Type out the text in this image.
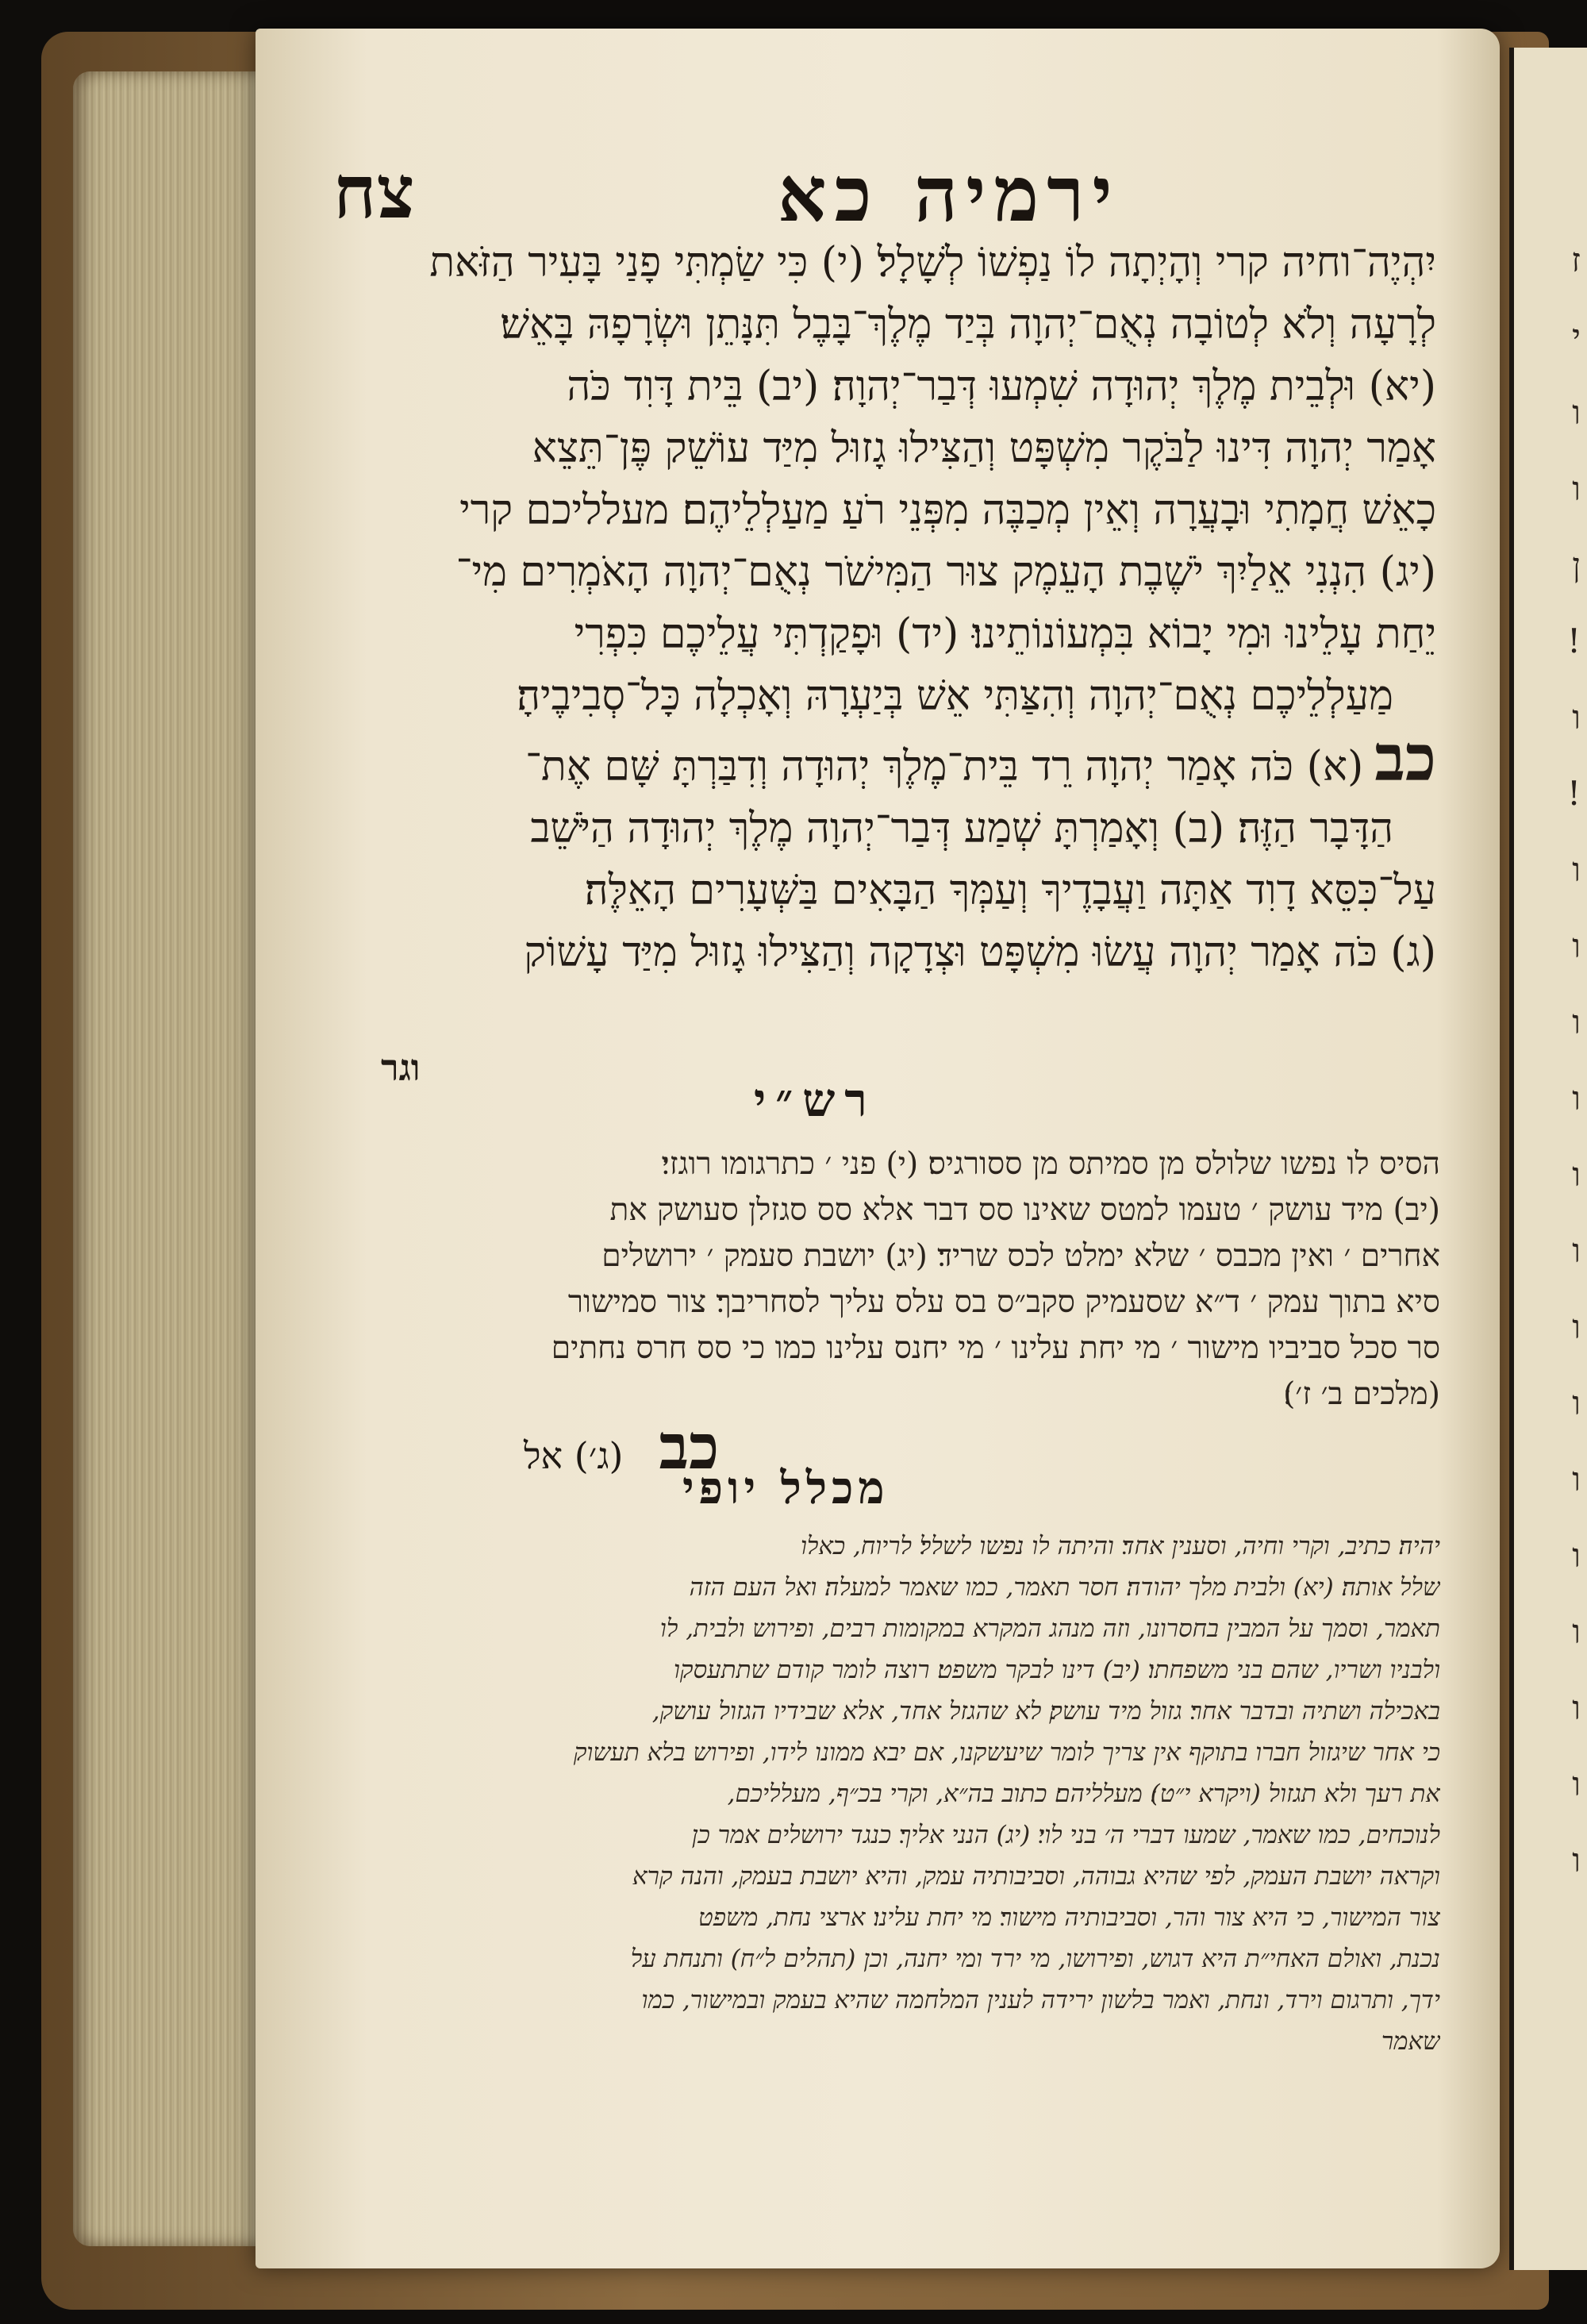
ז
י
ו
ו
ן
!
ו
!
ו
ו
ו
ו
ו
ו
ו
ו
ו
ו
ו
ו
ו
ו
ירמיה כא
צח
יִהְיֶה־וחיה קרי וְהָיְתָה לוֹ נַפְשׁוֹ לְשָׁלָל׃ (י) כִּי שַׂמְתִּי פָנַי בָּעִיר הַזֹּאת
לְרָעָה וְלֹא לְטוֹבָה נְאֻם־יְהוָה בְּיַד מֶלֶךְ־בָּבֶל תִּנָּתֵן וּשְׂרָפָהּ בָּאֵשׁ׃
(יא) וּלְבֵית מֶלֶךְ יְהוּדָה שִׁמְעוּ דְּבַר־יְהוָה׃ (יב) בֵּית דָּוִד כֹּה
אָמַר יְהוָה דִּינוּ לַבֹּקֶר מִשְׁפָּט וְהַצִּילוּ גָזוּל מִיַּד עוֹשֵׁק פֶּן־תֵּצֵא
כָאֵשׁ חֲמָתִי וּבָעֲרָה וְאֵין מְכַבֶּה מִפְּנֵי רֹעַ מַעַלְלֵיהֶם׃ מעלליכם קרי
(יג) הִנְנִי אֵלַיִךְ יֹשֶׁבֶת הָעֵמֶק צוּר הַמִּישֹׁר נְאֻם־יְהוָה הָאֹמְרִים מִי־
יֵחַת עָלֵינוּ וּמִי יָבוֹא בִּמְעוֹנוֹתֵינוּ׃ (יד) וּפָקַדְתִּי עֲלֵיכֶם כִּפְרִי
מַעַלְלֵיכֶם נְאֻם־יְהוָה וְהִצַּתִּי אֵשׁ בְּיַעְרָהּ וְאָכְלָה כָּל־סְבִיבֶיהָ׃
כב(א) כֹּה אָמַר יְהוָה רֵד בֵּית־מֶלֶךְ יְהוּדָה וְדִבַּרְתָּ שָּׁם אֶת־
הַדָּבָר הַזֶּה׃ (ב) וְאָמַרְתָּ שְׁמַע דְּבַר־יְהוָה מֶלֶךְ יְהוּדָה הַיֹּשֵׁב
עַל־כִּסֵּא דָוִד אַתָּה וַעֲבָדֶיךָ וְעַמְּךָ הַבָּאִים בַּשְּׁעָרִים הָאֵלֶּה׃
(ג) כֹּה אָמַר יְהוָה עֲשׂוּ מִשְׁפָּט וּצְדָקָה וְהַצִּילוּ גָזוּל מִיַּד עָשׁוֹק
וגר
רש״י
הסיס לו נפשו שלולס מן סמיתס מן ססורגיס׃ (י) פני ׳ כתרגומו רוגזי׃
(יב) מיד עושק ׳ טעמו למטס שאינו סס דבר אלא סס סגזלן סעושק את
אחרים ׳ ואין מכבס ׳ שלא ימלט לכס שריד׃ (יג) יושבת סעמק ׳ ירושלים
סיא בתוך עמק ׳ ד״א שסעמיק סקב״ס בס עלס עליך לסחריבך׃ צור סמישור
סר סכל סביביו מישור ׳ מי יחת עלינו ׳ מי יחנס עלינו כמו כי סס חרס נחתים
(מלכים ב׳ ז׳)׃
כב (ג׳) אל
מכלל יופי
יהיה׃ כתיב, וקרי וחיה, וסענין אחד׃ והיתה לו נפשו לשלל׃ לריוח, כאלו
שלל אותה׃ (יא) ולבית מלך יהודה׃ חסר תאמר, כמו שאמר למעלה׃ ואל העם הזה
תאמר, וסמך על המבין בחסרונו, וזה מנהג המקרא במקומות רבים, ופירוש ולבית, לו
ולבניו ושריו, שהם בני משפחתו׃ (יב) דינו לבקר משפט׃ רוצה לומר קודם שתתעסקו
באכילה ושתיה ובדבר אחר׃ גזול מיד עושק׃ לא שהגזל אחד, אלא שבידיו הגזול עושק,
כי אחר שיגזול חברו בתוקף אין צריך לומר שיעשקנו, אם יבא ממונו לידו, ופירוש בלא תעשוק
את רעך ולא תגזול (ויקרא י״ט)׃ מעלליהם׃ כתוב בה״א, וקרי בכ״ף, מעלליכם,
לנוכחים, כמו שאמר, שמעו דברי ה׳ בני לוי׃ (יג) הנני אליך׃ כנגד ירושלים אמר כן
וקראה יושבת העמק, לפי שהיא גבוהה, וסביבותיה עמק, והיא יושבת בעמק, והנה קרא
צור המישור, כי היא צור והר, וסביבותיה מישור׃ מי יחת עלינו׃ ארצי נחת, משפט
נכנת, ואולם האחי״ת היא דגוש, ופירושו, מי ירד ומי יחנה, וכן (תהלים ל״ח) ותנחת על
ידך, ותרגום וירד, ונחת, ואמר בלשון ירידה לענין המלחמה שהיא בעמק ובמישור, כמו
שאמר
